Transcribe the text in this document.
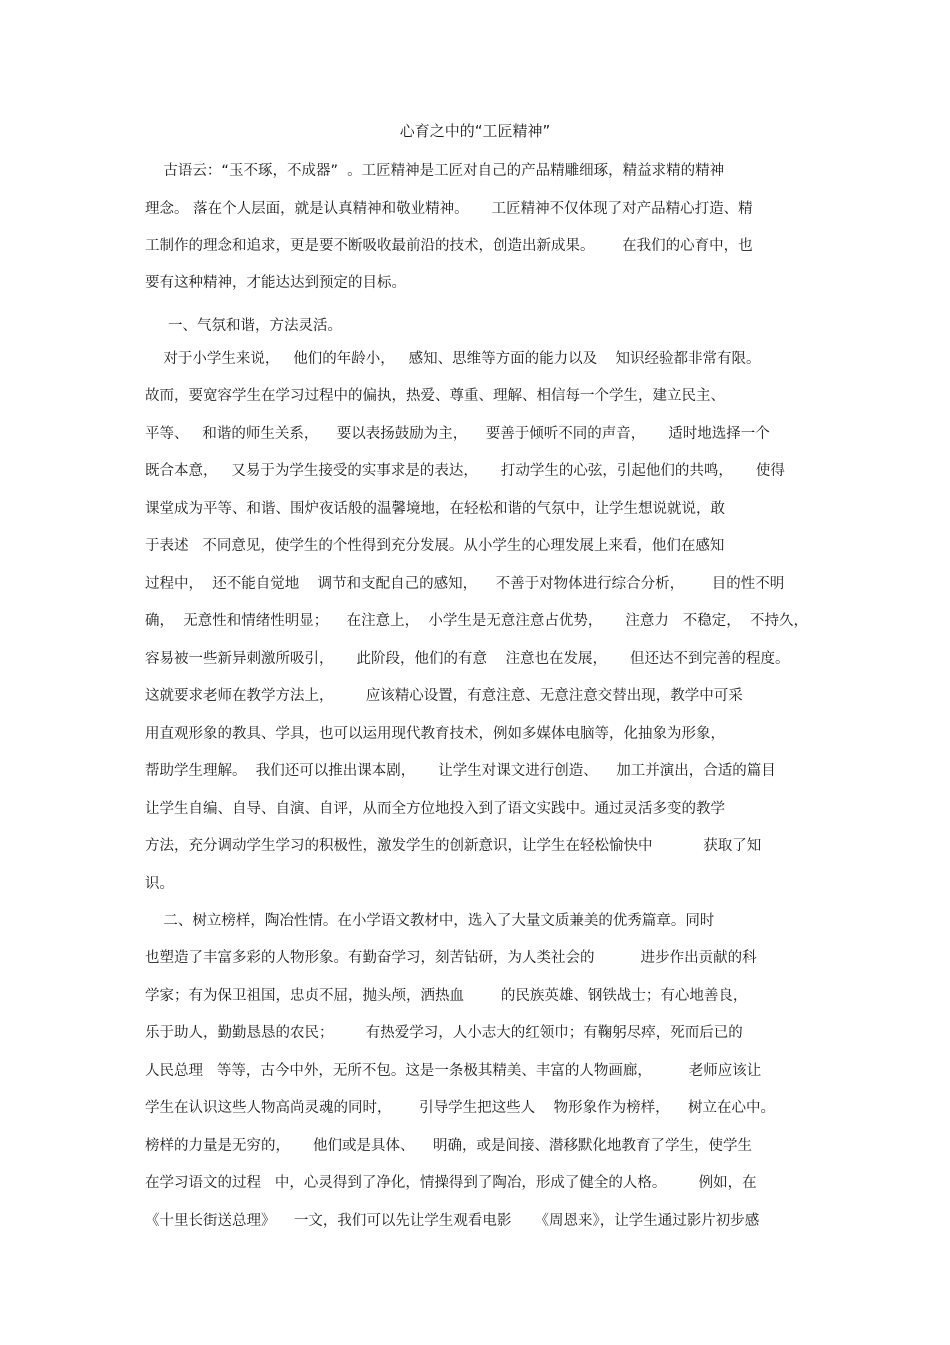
心育之中的“工匠精神”
古语云：“玉不琢，不成器”  。工匠精神是工匠对自己的产品精雕细琢，精益求精的精神
理念。 落在个人层面，就是认真精神和敬业精神。     工匠精神不仅体现了对产品精心打造、精
工制作的理念和追求，更是要不断吸收最前沿的技术，创造出新成果。      在我们的心育中，也
要有这种精神，才能达达到预定的目标。
一、气氛和谐，方法灵活。
对于小学生来说，   他们的年龄小，   感知、思维等方面的能力以及    知识经验都非常有限。
故而，要宽容学生在学习过程中的偏执，热爱、尊重、理解、相信每一个学生，建立民主、
平等、   和谐的师生关系，    要以表扬鼓励为主，    要善于倾听不同的声音，     适时地选择一个
既合本意，   又易于为学生接受的实事求是的表达，     打动学生的心弦，引起他们的共鸣，     使得
课堂成为平等、和谐、围炉夜话般的温馨境地，在轻松和谐的气氛中，让学生想说就说，敢
于表述   不同意见，使学生的个性得到充分发展。从小学生的心理发展上来看，他们在感知
过程中，  还不能自觉地    调节和支配自己的感知，    不善于对物体进行综合分析，      目的性不明
确，  无意性和情绪性明显；    在注意上，  小学生是无意注意占优势，     注意力   不稳定，  不持久，
容易被一些新异刺激所吸引，     此阶段，他们的有意    注意也在发展，     但还达不到完善的程度。
这就要求老师在教学方法上，       应该精心设置，有意注意、无意注意交替出现，教学中可采
用直观形象的教具、学具，也可以运用现代教育技术，例如多媒体电脑等，化抽象为形象，
帮助学生理解。  我们还可以推出课本剧，     让学生对课文进行创造、    加工并演出，合适的篇目
让学生自编、自导、自演、自评，从而全方位地投入到了语文实践中。通过灵活多变的教学
方法，充分调动学生学习的积极性，激发学生的创新意识，让学生在轻松愉快中           获取了知
识。
二、树立榜样，陶冶性情。在小学语文教材中，选入了大量文质兼美的优秀篇章。同时
也塑造了丰富多彩的人物形象。有勤奋学习，刻苦钻研，为人类社会的          进步作出贡献的科
学家；有为保卫祖国，忠贞不屈，抛头颅，洒热血        的民族英雄、钢铁战士；有心地善良，
乐于助人，勤勤恳恳的农民；       有热爱学习，人小志大的红领巾；有鞠躬尽瘁，死而后已的
人民总理   等等，古今中外，无所不包。这是一条极其精美、丰富的人物画廊，        老师应该让
学生在认识这些人物高尚灵魂的同时，      引导学生把这些人    物形象作为榜样，    树立在心中。
榜样的力量是无穷的，     他们或是具体、    明确，或是间接、潜移默化地教育了学生，使学生
在学习语文的过程   中，心灵得到了净化，情操得到了陶冶，形成了健全的人格。       例如，在
《十里长街送总理》    一文，我们可以先让学生观看电影     《周恩来》，让学生通过影片初步感
